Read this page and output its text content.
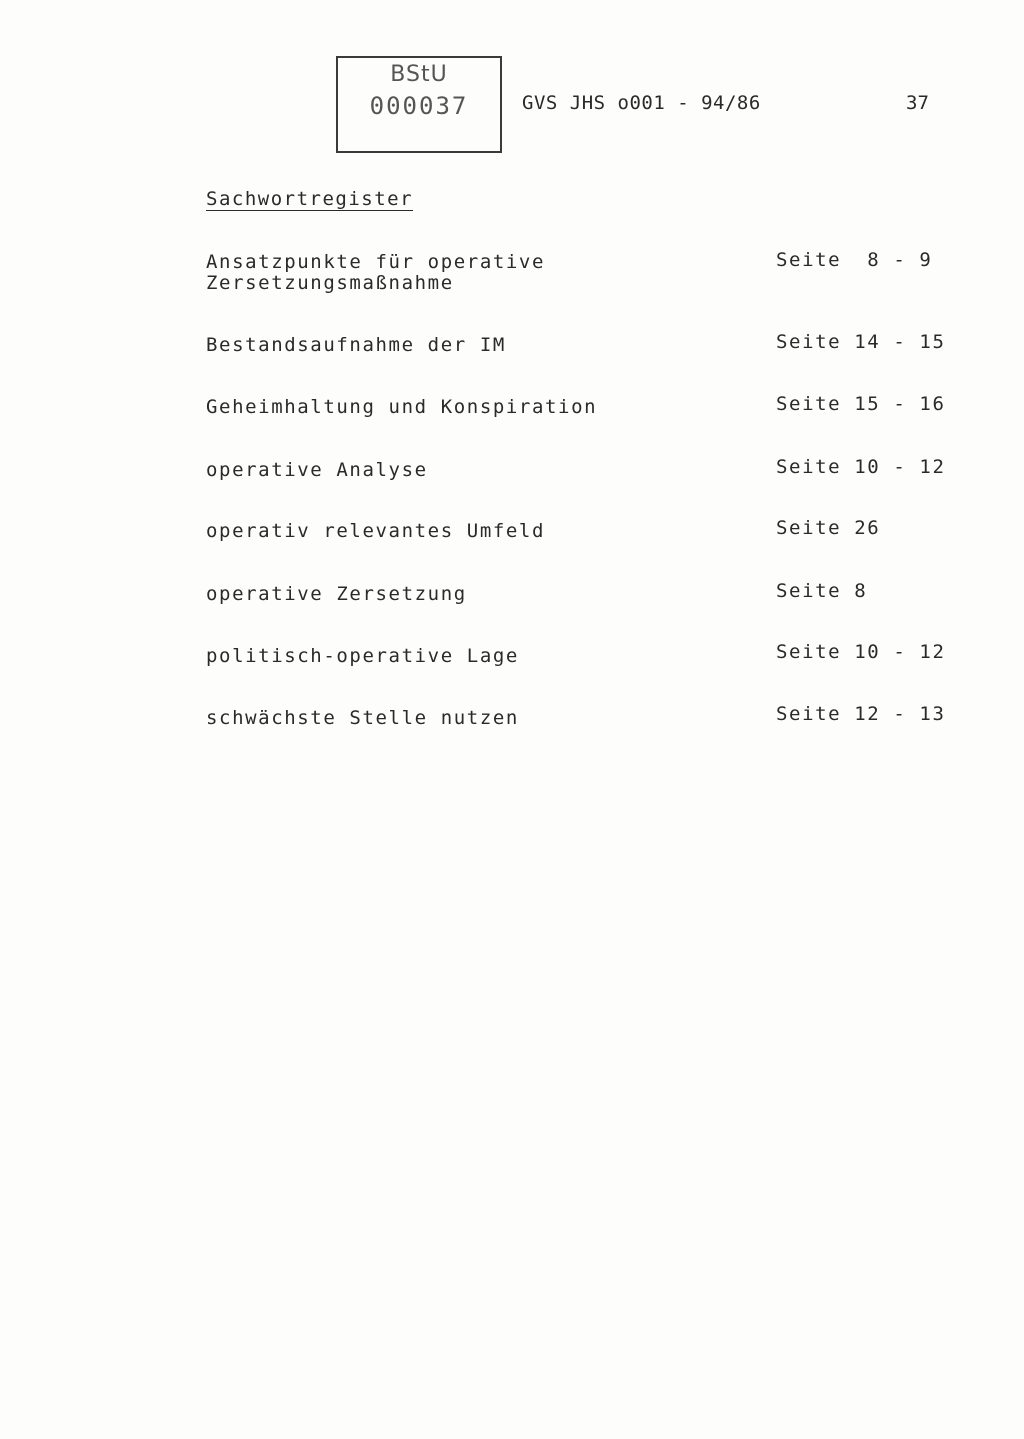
BStU
000037	GVS JHS o001 - 94/86	37
Sachwortregister
Ansatzpunkte für operative
Zersetzungsmaßnahme
Seite  8 - 9
Bestandsaufnahme der IM	Seite 14 - 15
Geheimhaltung und Konspiration	Seite 15 - 16
operative Analyse	Seite 10 - 12
operativ relevantes Umfeld	Seite 26
operative Zersetzung	Seite 8
politisch-operative Lage	Seite 10 - 12
schwächste Stelle nutzen	Seite 12 - 13
